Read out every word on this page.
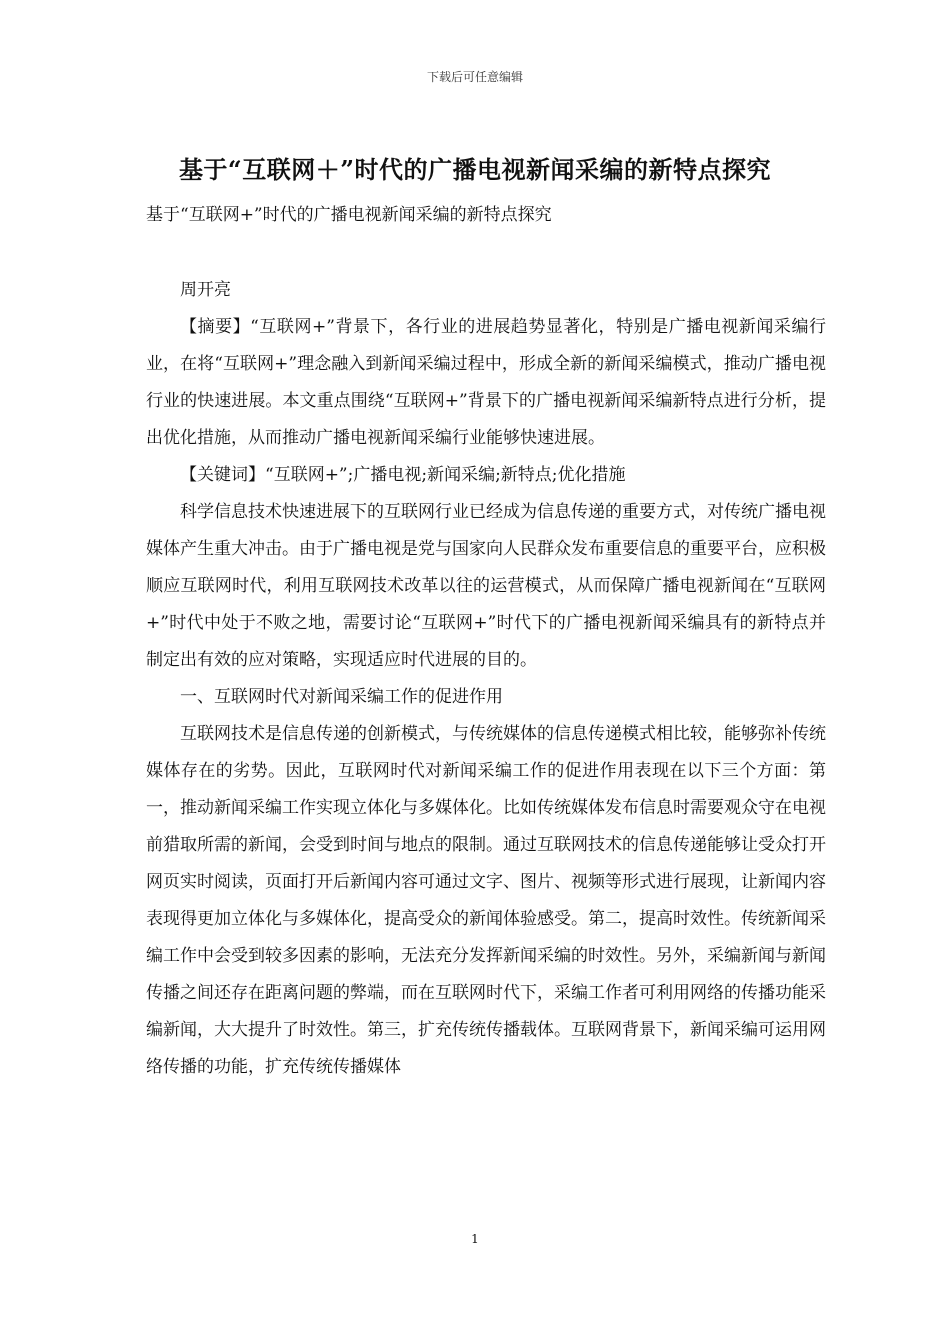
下载后可任意编辑
基于“互联网＋”时代的广播电视新闻采编的新特点探究
基于“互联网+”时代的广播电视新闻采编的新特点探究

周开亮

【摘要】“互联网+”背景下，各行业的进展趋势显著化，特别是广播电视新闻采编行业，在将“互联网+”理念融入到新闻采编过程中，形成全新的新闻采编模式，推动广播电视行业的快速进展。本文重点围绕“互联网+”背景下的广播电视新闻采编新特点进行分析，提出优化措施，从而推动广播电视新闻采编行业能够快速进展。

【关键词】“互联网+”;广播电视;新闻采编;新特点;优化措施

科学信息技术快速进展下的互联网行业已经成为信息传递的重要方式，对传统广播电视媒体产生重大冲击。由于广播电视是党与国家向人民群众发布重要信息的重要平台，应积极顺应互联网时代，利用互联网技术改革以往的运营模式，从而保障广播电视新闻在“互联网+”时代中处于不败之地，需要讨论“互联网+”时代下的广播电视新闻采编具有的新特点并制定出有效的应对策略，实现适应时代进展的目的。

一、互联网时代对新闻采编工作的促进作用

互联网技术是信息传递的创新模式，与传统媒体的信息传递模式相比较，能够弥补传统媒体存在的劣势。因此，互联网时代对新闻采编工作的促进作用表现在以下三个方面：第一，推动新闻采编工作实现立体化与多媒体化。比如传统媒体发布信息时需要观众守在电视前猎取所需的新闻，会受到时间与地点的限制。通过互联网技术的信息传递能够让受众打开网页实时阅读，页面打开后新闻内容可通过文字、图片、视频等形式进行展现，让新闻内容表现得更加立体化与多媒体化，提高受众的新闻体验感受。第二，提高时效性。传统新闻采编工作中会受到较多因素的影响，无法充分发挥新闻采编的时效性。另外，采编新闻与新闻传播之间还存在距离问题的弊端，而在互联网时代下，采编工作者可利用网络的传播功能采编新闻，大大提升了时效性。第三，扩充传统传播载体。互联网背景下，新闻采编可运用网络传播的功能，扩充传统传播媒体

1
